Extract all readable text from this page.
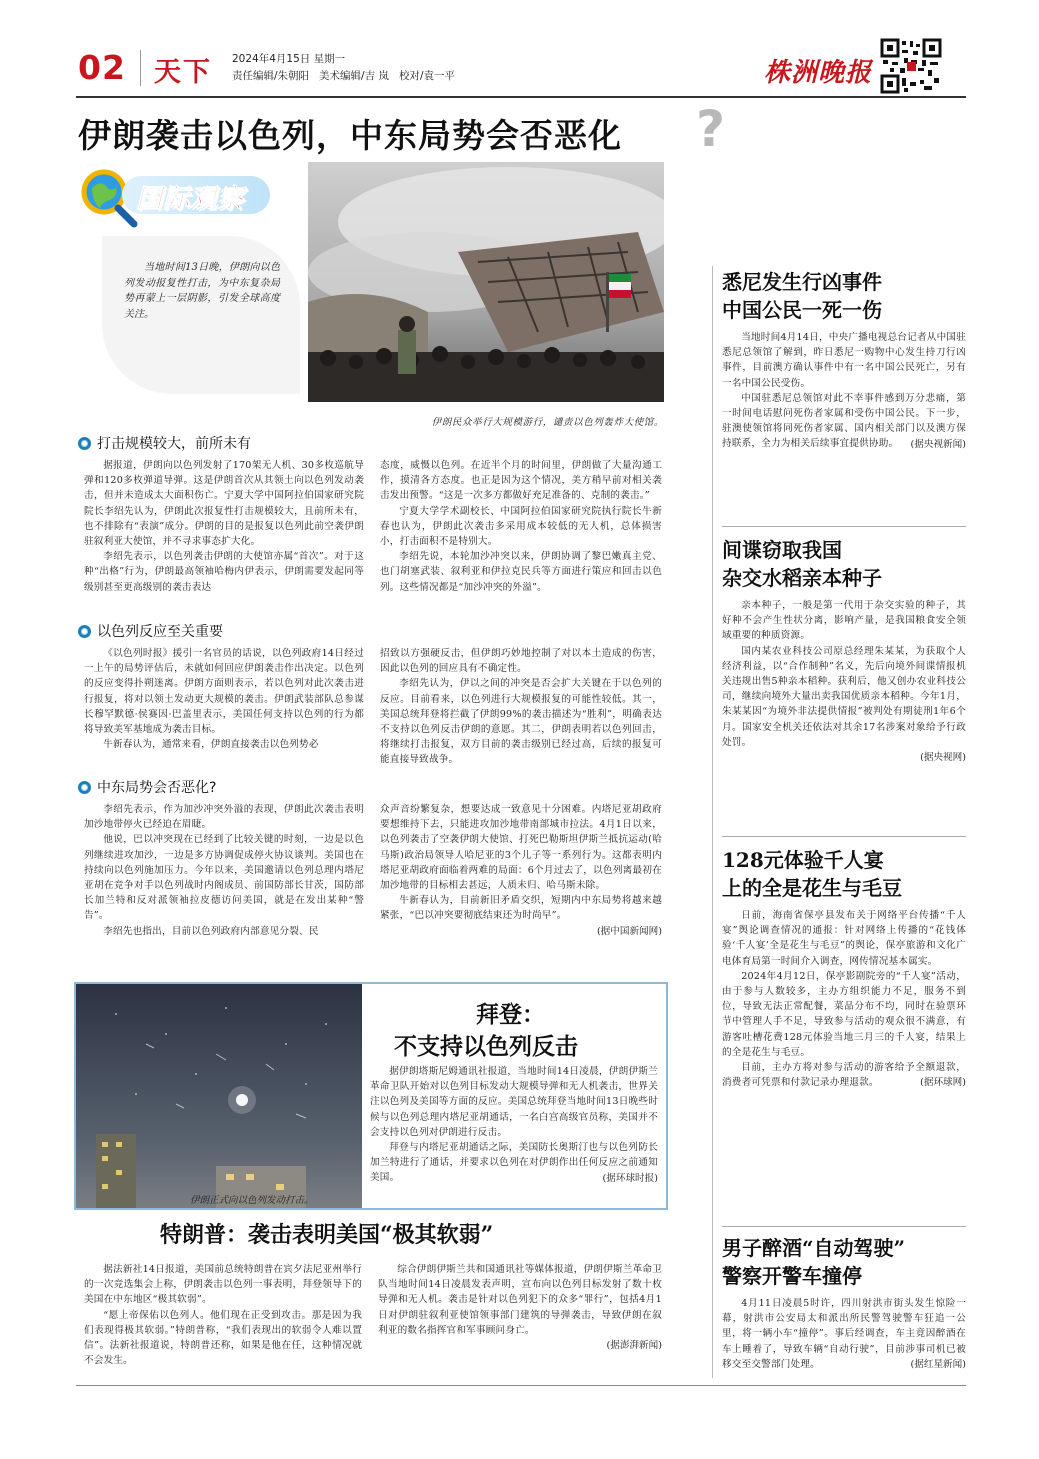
02 天下 2024年4月15日 星期一
责任编辑/朱朝阳   美术编辑/吉 岚   校对/袁一平	株洲晚报
伊朗袭击以色列，中东局势会否恶化 ?
国际观察
当地时间13日晚，伊朗向以色列发动报复性打击，为中东复杂局势再蒙上一层阴影，引发全球高度关注。
伊朗民众举行大规模游行，谴责以色列轰炸大使馆。
打击规模较大，前所未有

据报道，伊朗向以色列发射了170架无人机、30多枚巡航导弹和120多枚弹道导弹。这是伊朗首次从其领土向以色列发动袭击，但并未造成太大面积伤亡。宁夏大学中国阿拉伯国家研究院院长李绍先认为，伊朗此次报复性打击规模较大，且前所未有，也不排除有“表演”成分。伊朗的目的是报复以色列此前空袭伊朗驻叙利亚大使馆，并不寻求事态扩大化。

李绍先表示，以色列袭击伊朗的大使馆亦属“首次”。对于这种“出格”行为，伊朗最高领袖哈梅内伊表示，伊朗需要发起同等级别甚至更高级别的袭击表达

态度，威慑以色列。在近半个月的时间里，伊朗做了大量沟通工作，摸清各方态度。也正是因为这个情况，美方稍早前对相关袭击发出预警。“这是一次多方都做好充足准备的、克制的袭击。”

宁夏大学学术副校长、中国阿拉伯国家研究院执行院长牛新春也认为，伊朗此次袭击多采用成本较低的无人机，总体损害小，打击面积不是特别大。

李绍先说，本轮加沙冲突以来，伊朗协调了黎巴嫩真主党、也门胡塞武装、叙利亚和伊拉克民兵等方面进行策应和回击以色列。这些情况都是“加沙冲突的外溢”。

以色列反应至关重要

《以色列时报》援引一名官员的话说，以色列政府14日经过一上午的局势评估后，未就如何回应伊朗袭击作出决定。以色列的反应变得扑朔迷离。伊朗方面则表示，若以色列对此次袭击进行报复，将对以领土发动更大规模的袭击。伊朗武装部队总参谋长穆罕默德·侯赛因·巴盖里表示，美国任何支持以色列的行为都将导致美军基地成为袭击目标。

牛新春认为，通常来看，伊朗直接袭击以色列势必

招致以方强硬反击，但伊朗巧妙地控制了对以本土造成的伤害，因此以色列的回应具有不确定性。

李绍先认为，伊以之间的冲突是否会扩大关键在于以色列的反应。目前看来，以色列进行大规模报复的可能性较低。其一，美国总统拜登将拦截了伊朗99%的袭击描述为“胜利”，明确表达不支持以色列反击伊朗的意愿。其二，伊朗表明若以色列回击，将继续打击报复，双方目前的袭击级别已经过高，后续的报复可能直接导致战争。

中东局势会否恶化?

李绍先表示，作为加沙冲突外溢的表现，伊朗此次袭击表明加沙地带停火已经迫在眉睫。

他说，巴以冲突现在已经到了比较关键的时刻，一边是以色列继续进攻加沙，一边是多方协调促成停火协议谈判。美国也在持续向以色列施加压力。今年以来，美国邀请以色列总理内塔尼亚胡在竞争对手以色列战时内阁成员、前国防部长甘茨，国防部长加兰特和反对派领袖拉皮德访问美国，就是在发出某种“警告”。

李绍先也指出，目前以色列政府内部意见分裂、民

众声音纷繁复杂，想要达成一致意见十分困难。内塔尼亚胡政府要想维持下去，只能进攻加沙地带南部城市拉法。4月1日以来，以色列袭击了空袭伊朗大使馆、打死巴勒斯坦伊斯兰抵抗运动(哈马斯)政治局领导人哈尼亚的3个儿子等一系列行为。这都表明内塔尼亚胡政府面临着两难的局面：6个月过去了，以色列离最初在加沙地带的目标相去甚远，人质未归、哈马斯未除。

牛新春认为，目前新旧矛盾交织，短期内中东局势将越来越紧张，“巴以冲突要彻底结束还为时尚早”。

(据中国新闻网)

伊朗正式向以色列发动打击。
拜登：
不支持以色列反击

据伊朗塔斯尼姆通讯社报道，当地时间14日凌晨，伊朗伊斯兰革命卫队开始对以色列目标发动大规模导弹和无人机袭击，世界关注以色列及美国等方面的反应。美国总统拜登当地时间13日晚些时候与以色列总理内塔尼亚胡通话，一名白宫高级官员称，美国并不会支持以色列对伊朗进行反击。

拜登与内塔尼亚胡通话之际，美国防长奥斯汀也与以色列防长加兰特进行了通话，并要求以色列在对伊朗作出任何反应之前通知美国。	(据环球时报)

特朗普：袭击表明美国“极其软弱”

据法新社14日报道，美国前总统特朗普在宾夕法尼亚州举行的一次竞选集会上称，伊朗袭击以色列一事表明，拜登领导下的美国在中东地区“极其软弱”。

“愿上帝保佑以色列人。他们现在正受到攻击。那是因为我们表现得极其软弱。”特朗普称，“我们表现出的软弱令人难以置信”。法新社报道说，特朗普还称，如果是他在任，这种情况就不会发生。

综合伊朗伊斯兰共和国通讯社等媒体报道，伊朗伊斯兰革命卫队当地时间14日凌晨发表声明，宣布向以色列目标发射了数十枚导弹和无人机。袭击是针对以色列犯下的众多“罪行”，包括4月1日对伊朗驻叙利亚使馆领事部门建筑的导弹袭击，导致伊朗在叙利亚的数名指挥官和军事顾问身亡。

(据澎湃新闻)

悉尼发生行凶事件
中国公民一死一伤

当地时间4月14日，中央广播电视总台记者从中国驻悉尼总领馆了解到，昨日悉尼一购物中心发生持刀行凶事件，目前澳方确认事件中有一名中国公民死亡，另有一名中国公民受伤。

中国驻悉尼总领馆对此不幸事件感到万分悲痛，第一时间电话慰问死伤者家属和受伤中国公民。下一步，驻澳使领馆将同死伤者家属、国内相关部门以及澳方保持联系，全力为相关后续事宜提供协助。	(据央视新闻)

间谍窃取我国
杂交水稻亲本种子

亲本种子，一般是第一代用于杂交实验的种子，其好种不会产生性状分离，影响产量，是我国粮食安全领域重要的种质资源。

国内某农业科技公司原总经理朱某某，为获取个人经济利益，以“合作制种”名义，先后向境外间谍情报机关违规出售5种亲本稻种。获利后，他又创办农业科技公司，继续向境外大量出卖我国优质亲本稻种。今年1月，朱某某因“为境外非法提供情报”被判处有期徒刑1年6个月。国家安全机关还依法对其余17名涉案对象给予行政处罚。

(据央视网)

128元体验千人宴
上的全是花生与毛豆

日前，海南省保亭县发布关于网络平台传播“千人宴”舆论调查情况的通报：针对网络上传播的“花钱体验‘千人宴’全是花生与毛豆”的舆论，保亭旅游和文化广电体育局第一时间介入调查，网传情况基本属实。

2024年4月12日，保亭影剧院旁的“千人宴”活动，由于参与人数较多，主办方组织能力不足，服务不到位，导致无法正常配餐，菜品分布不均，同时在验票环节中管理人手不足，导致参与活动的观众很不满意，有游客吐槽花费128元体验当地三月三的千人宴，结果上的全是花生与毛豆。

目前，主办方将对参与活动的游客给予全额退款，消费者可凭票和付款记录办理退款。	(据环球网)

男子醉酒“自动驾驶”
警察开警车撞停

4月11日凌晨5时许，四川射洪市街头发生惊险一幕，射洪市公安局太和派出所民警驾驶警车狂追一公里，将一辆小车“撞停”。事后经调查，车主竟因醉酒在车上睡着了，导致车辆“自动行驶”，目前涉事司机已被移交至交警部门处理。	(据红星新闻)
